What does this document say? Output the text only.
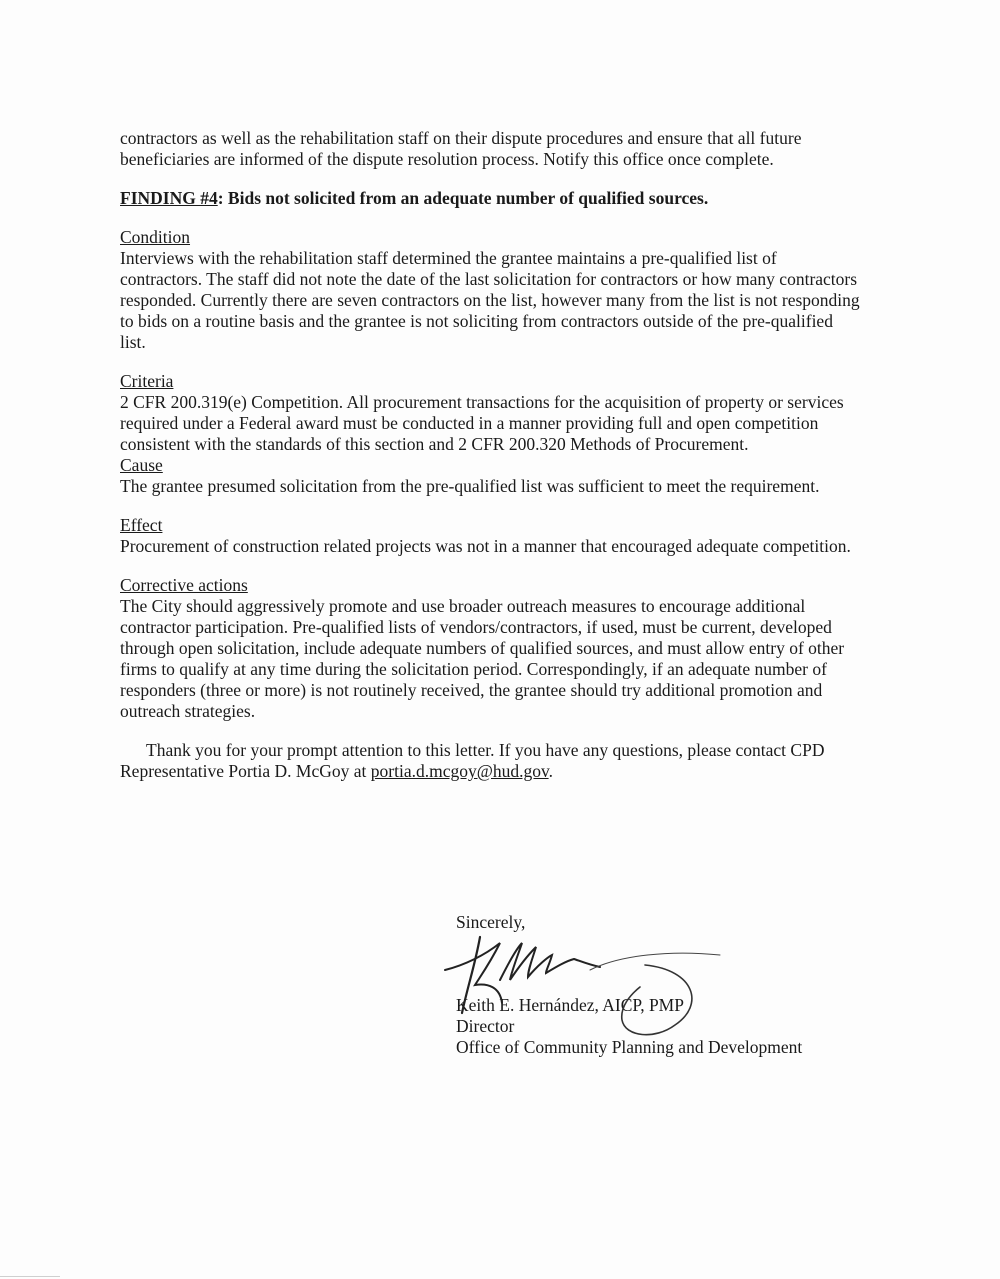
contractors as well as the rehabilitation staff on their dispute procedures and ensure that all future beneficiaries are informed of the dispute resolution process. Notify this office once complete.

FINDING #4: Bids not solicited from an adequate number of qualified sources.

Condition

Interviews with the rehabilitation staff determined the grantee maintains a pre-qualified list of contractors. The staff did not note the date of the last solicitation for contractors or how many contractors responded. Currently there are seven contractors on the list, however many from the list is not responding to bids on a routine basis and the grantee is not soliciting from contractors outside of the pre-qualified list.

Criteria

2 CFR 200.319(e) Competition. All procurement transactions for the acquisition of property or services required under a Federal award must be conducted in a manner providing full and open competition consistent with the standards of this section and 2 CFR 200.320 Methods of Procurement.

Cause

The grantee presumed solicitation from the pre-qualified list was sufficient to meet the requirement.

Effect

Procurement of construction related projects was not in a manner that encouraged adequate competition.

Corrective actions

The City should aggressively promote and use broader outreach measures to encourage additional contractor participation. Pre-qualified lists of vendors/contractors, if used, must be current, developed through open solicitation, include adequate numbers of qualified sources, and must allow entry of other firms to qualify at any time during the solicitation period. Correspondingly, if an adequate number of responders (three or more) is not routinely received, the grantee should try additional promotion and outreach strategies.

Thank you for your prompt attention to this letter. If you have any questions, please contact CPD Representative Portia D. McGoy at portia.d.mcgoy@hud.gov.

Sincerely,
Keith E. Hernández, AICP, PMP
Director
Office of Community Planning and Development
